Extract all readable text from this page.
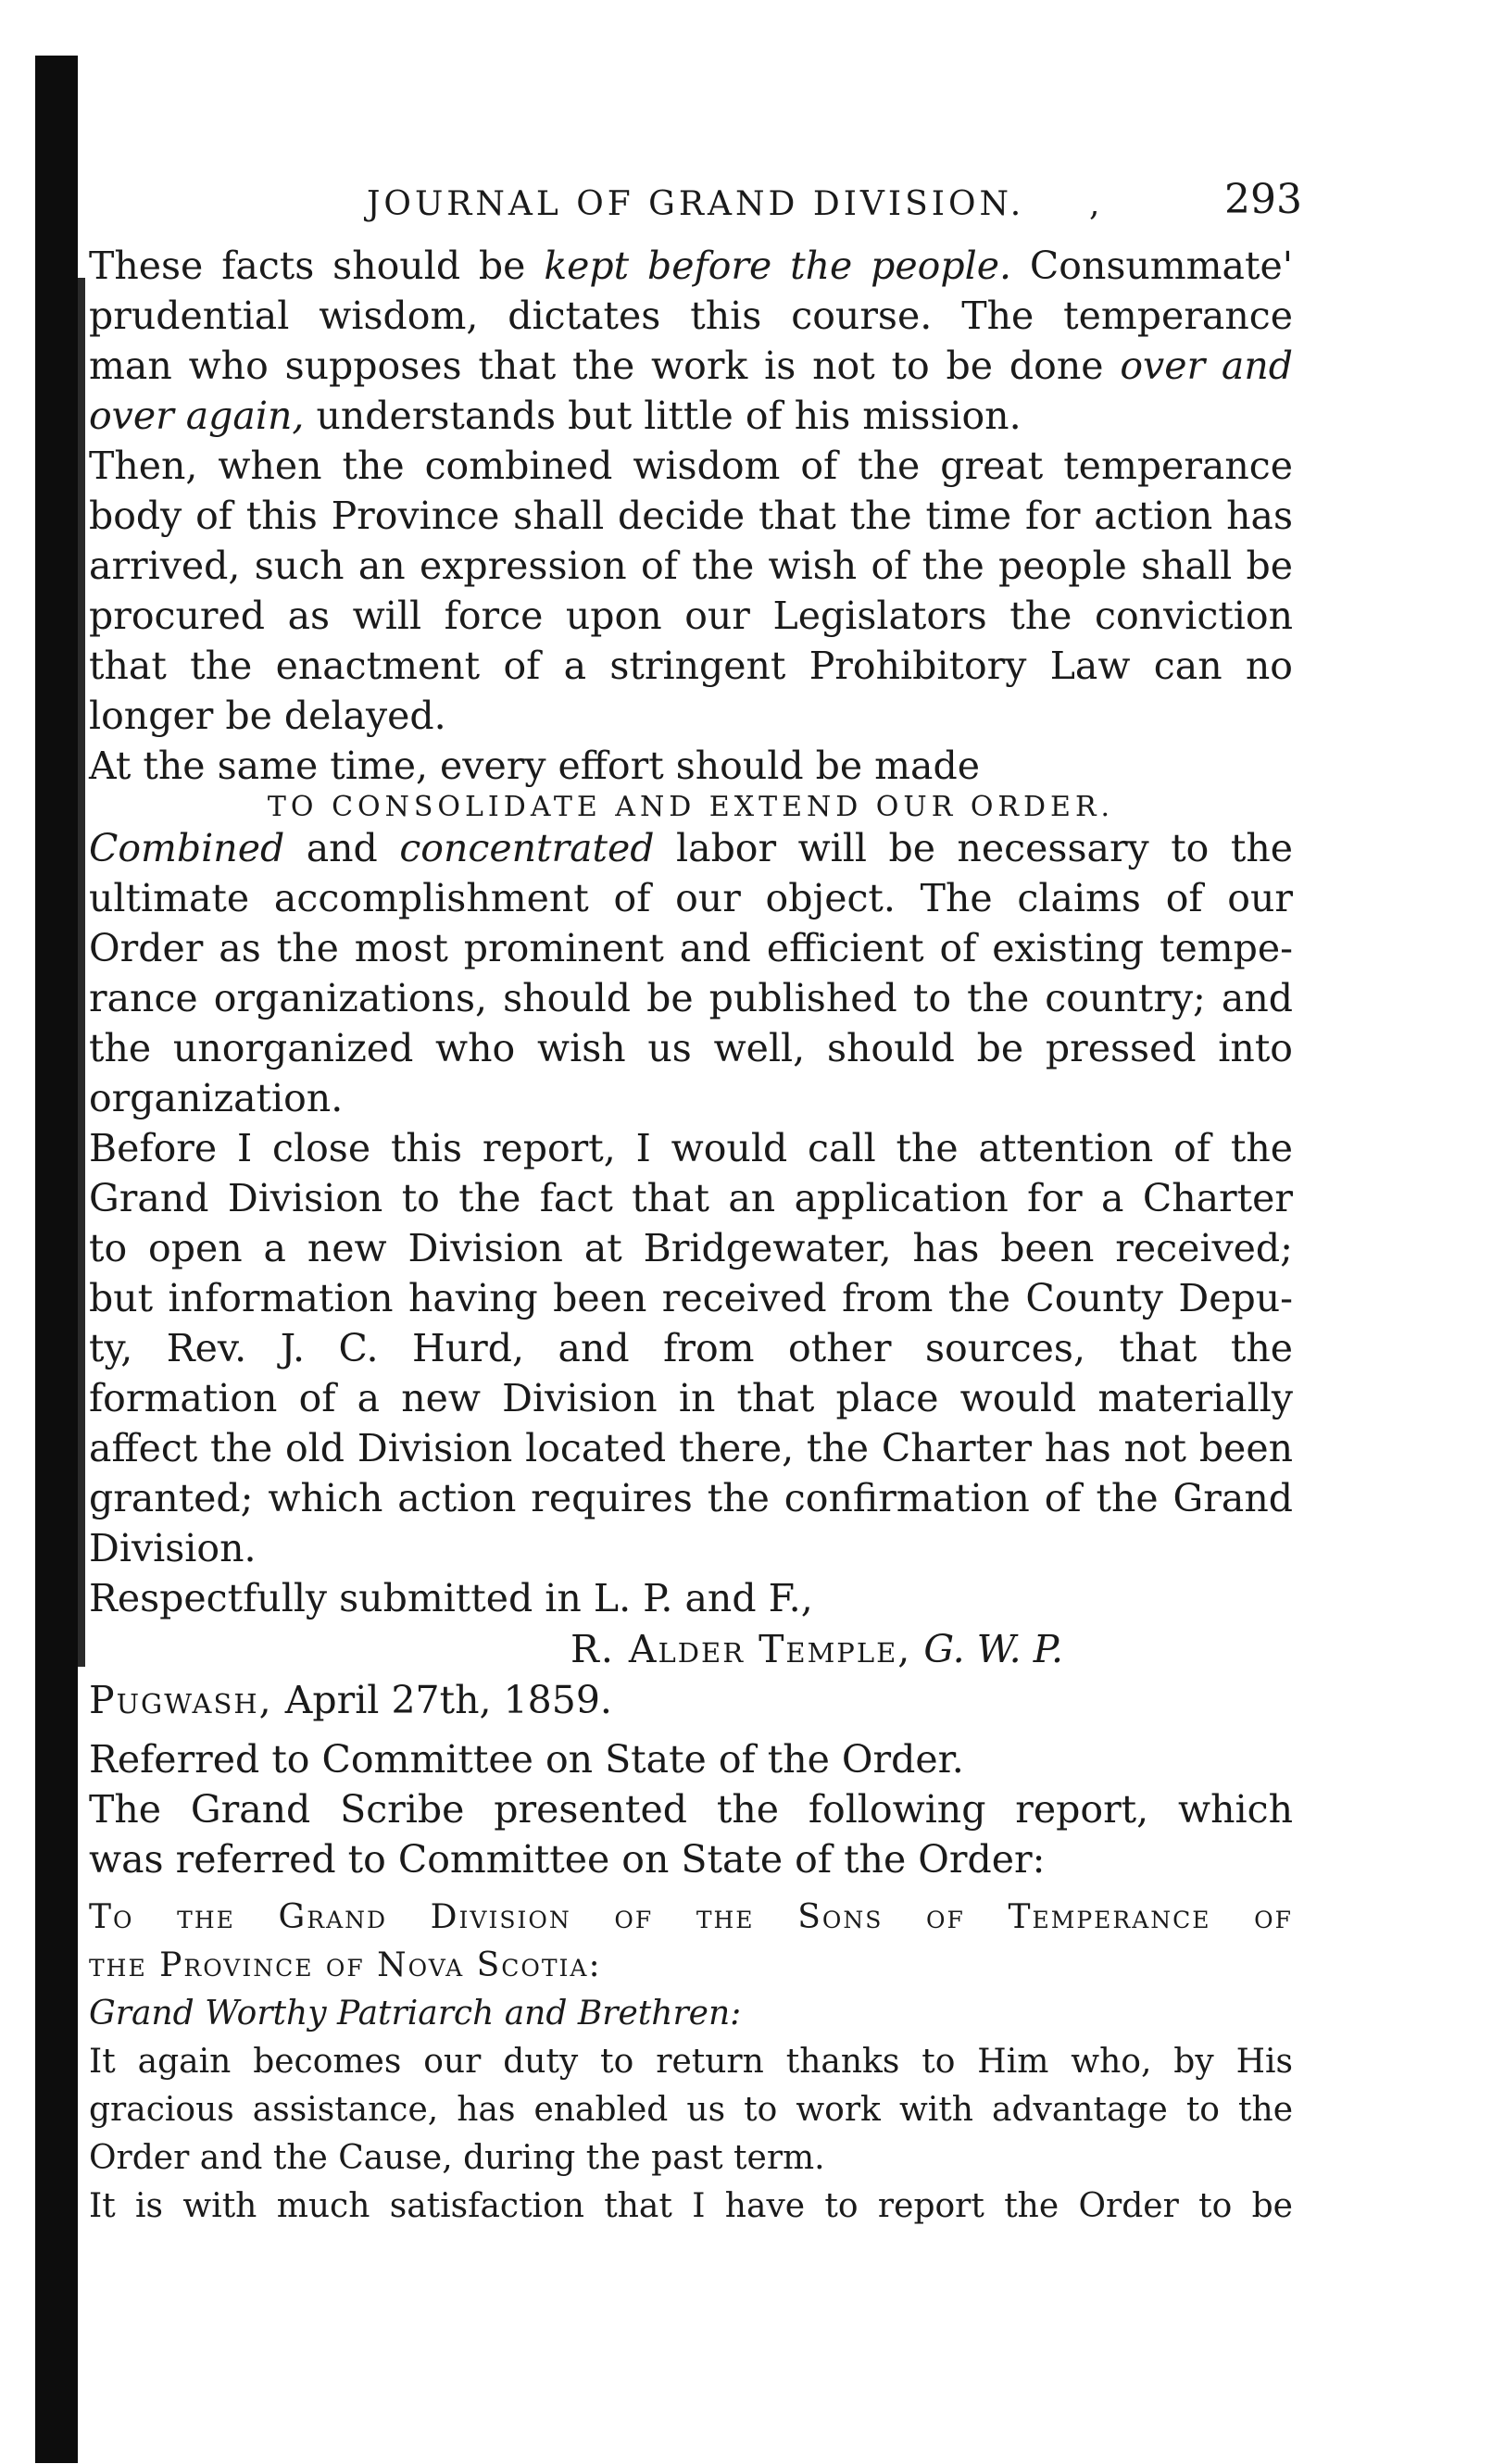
JOURNAL OF GRAND DIVISION. ,	293

These facts should be kept before the people. Consummate'

prudential wisdom, dictates this course. The temperance

man who supposes that the work is not to be done over and

over again, understands but little of his mission.

Then, when the combined wisdom of the great temperance

body of this Province shall decide that the time for action has

arrived, such an expression of the wish of the people shall be

procured as will force upon our Legislators the conviction

that the enactment of a stringent Prohibitory Law can no

longer be delayed.

At the same time, every effort should be made

TO CONSOLIDATE AND EXTEND OUR ORDER.

Combined and concentrated labor will be necessary to the

ultimate accomplishment of our object. The claims of our

Order as the most prominent and efficient of existing tempe-

rance organizations, should be published to the country; and

the unorganized who wish us well, should be pressed into

organization.

Before I close this report, I would call the attention of the

Grand Division to the fact that an application for a Charter

to open a new Division at Bridgewater, has been received;

but information having been received from the County Depu-

ty, Rev. J. C. Hurd, and from other sources, that the

formation of a new Division in that place would materially

affect the old Division located there, the Charter has not been

granted; which action requires the confirmation of the Grand

Division.

Respectfully submitted in L. P. and F.,

R. Alder Temple, G. W. P.

Pugwash, April 27th, 1859.

Referred to Committee on State of the Order.

The Grand Scribe presented the following report, which

was referred to Committee on State of the Order:

To the Grand Division of the Sons of Temperance of

the Province of Nova Scotia:

Grand Worthy Patriarch and Brethren:

It again becomes our duty to return thanks to Him who, by His

gracious assistance, has enabled us to work with advantage to the

Order and the Cause, during the past term.

It is with much satisfaction that I have to report the Order to be
